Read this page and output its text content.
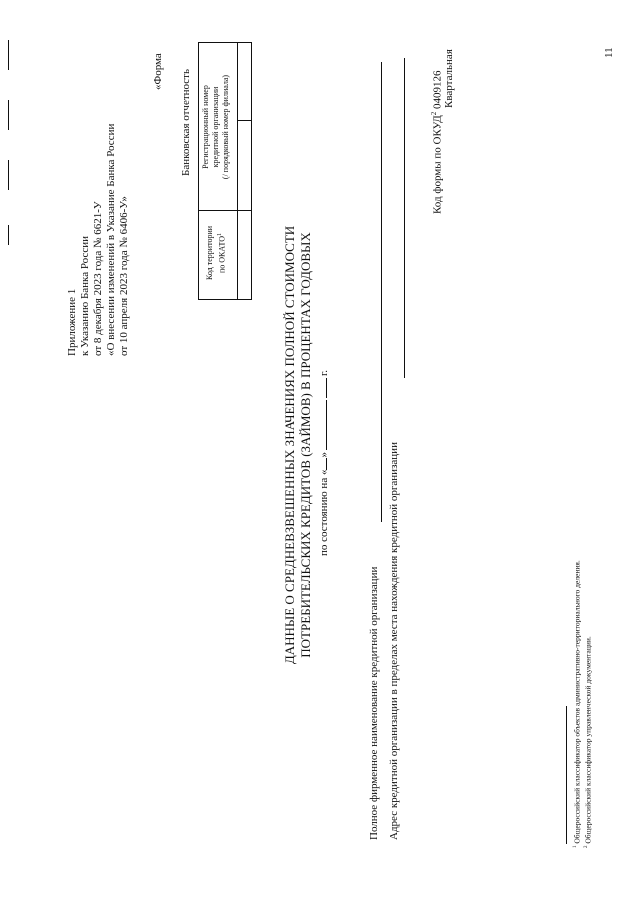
Приложение 1 к Указанию Банка России от 8 декабря 2023 года № 6621-У «О внесении изменений в Указание Банка России от 10 апреля 2023 года № 6406-У»
«Форма Банковская отчетность
Код территории по ОКАТО$^1$
Регистрационный номер кредитной организации (/ порядковый номер филиала)
ДАННЫЕ О СРЕДНЕВЗВЕШЕННЫХ ЗНАЧЕНИЯХ ПОЛНОЙ СТОИМОСТИ ПОТРЕБИТЕЛЬСКИХ КРЕДИТОВ (ЗАЙМОВ) В ПРОЦЕНТАХ ГОДОВЫХ по состоянию на «»г.
Код формы по ОКУД$^2$ 0409126 Квартальная
Полное фирменное наименование кредитной организации Адрес кредитной организации в пределах места нахождения кредитной организации
$^1$ Общероссийский классификатор объектов административно-территориального деления.
$^2$ Общероссийский классификатор управленческой документации.
11
